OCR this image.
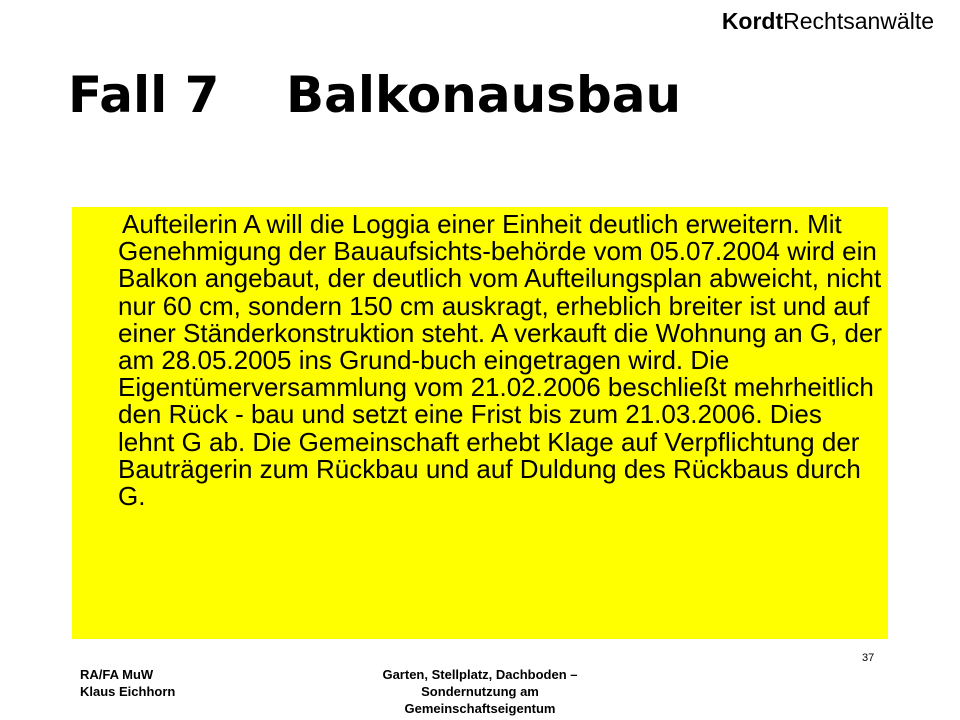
KordtRechtsanwälte
Fall 7 Balkonausbau

Aufteilerin A will die Loggia einer Einheit deutlich erweitern. Mit Genehmigung der Bauaufsichts-behörde vom 05.07.2004 wird ein Balkon angebaut, der deutlich vom Aufteilungsplan abweicht, nicht nur 60 cm, sondern 150 cm auskragt, erheblich breiter ist und auf einer Ständerkonstruktion steht. A verkauft die Wohnung an G, der am 28.05.2005 ins Grund-buch eingetragen wird. Die Eigentümerversammlung vom 21.02.2006 beschließt mehrheitlich den Rück - bau und setzt eine Frist bis zum 21.03.2006. Dies lehnt G ab. Die Gemeinschaft erhebt Klage auf Verpflichtung der Bauträgerin zum Rückbau und auf Duldung des Rückbaus durch G.

37
RA/FA MuW
Klaus Eichhorn
Garten, Stellplatz, Dachboden –
Sondernutzung am
Gemeinschaftseigentum
